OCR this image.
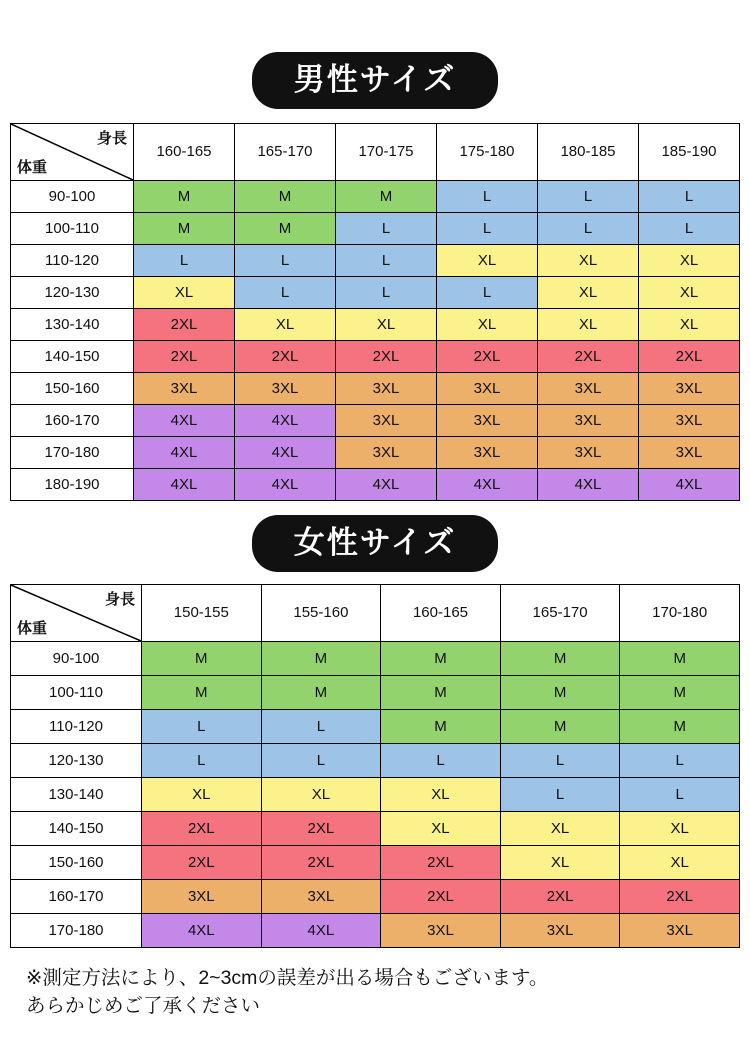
男性サイズ
身長
体重	160-165	165-170	170-175	175-180	180-185	185-190
90-100	M	M	M	L	L	L
100-110	M	M	L	L	L	L
110-120	L	L	L	XL	XL	XL
120-130	XL	L	L	L	XL	XL
130-140	2XL	XL	XL	XL	XL	XL
140-150	2XL	2XL	2XL	2XL	2XL	2XL
150-160	3XL	3XL	3XL	3XL	3XL	3XL
160-170	4XL	4XL	3XL	3XL	3XL	3XL
170-180	4XL	4XL	3XL	3XL	3XL	3XL
180-190	4XL	4XL	4XL	4XL	4XL	4XL
女性サイズ
身長
体重	150-155	155-160	160-165	165-170	170-180
90-100	M	M	M	M	M
100-110	M	M	M	M	M
110-120	L	L	M	M	M
120-130	L	L	L	L	L
130-140	XL	XL	XL	L	L
140-150	2XL	2XL	XL	XL	XL
150-160	2XL	2XL	2XL	XL	XL
160-170	3XL	3XL	2XL	2XL	2XL
170-180	4XL	4XL	3XL	3XL	3XL
※測定方法により、2~3cmの誤差が出る場合もございます。
あらかじめご了承ください
